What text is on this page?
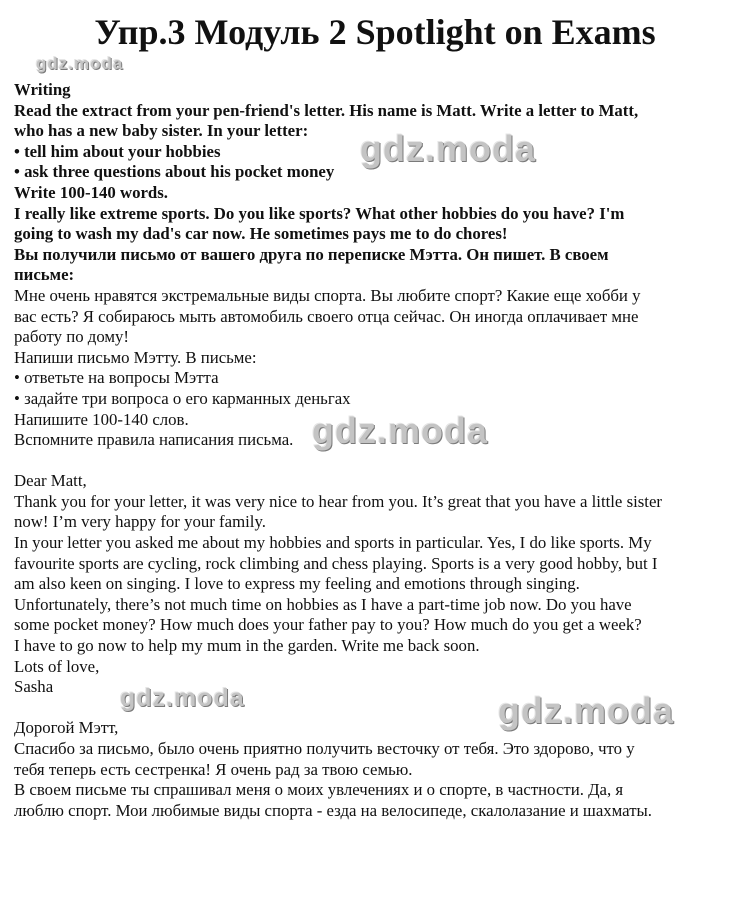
Упр.3 Модуль 2 Spotlight on Exams

Writing

Read the extract from your pen-friend's letter. His name is Matt. Write a letter to Matt,

who has a new baby sister. In your letter:

• tell him about your hobbies

• ask three questions about his pocket money

Write 100-140 words.

I really like extreme sports. Do you like sports? What other hobbies do you have? I'm

going to wash my dad's car now. He sometimes pays me to do chores!

Вы получили письмо от вашего друга по переписке Мэтта. Он пишет. В своем

письме:

Мне очень нравятся экстремальные виды спорта. Вы любите спорт? Какие еще хобби у

вас есть? Я собираюсь мыть автомобиль своего отца сейчас. Он иногда оплачивает мне

работу по дому!

Напиши письмо Мэтту. В письме:

• ответьте на вопросы Мэтта

• задайте три вопроса о его карманных деньгах

Напишите 100-140 слов.

Вспомните правила написания письма.

Dear Matt,

Thank you for your letter, it was very nice to hear from you. It’s great that you have a little sister

now! I’m very happy for your family.

In your letter you asked me about my hobbies and sports in particular. Yes, I do like sports. My

favourite sports are cycling, rock climbing and chess playing. Sports is a very good hobby, but I

am also keen on singing. I love to express my feeling and emotions through singing.

Unfortunately, there’s not much time on hobbies as I have a part-time job now. Do you have

some pocket money? How much does your father pay to you? How much do you get a week?

I have to go now to help my mum in the garden. Write me back soon.

Lots of love,

Sasha

Дорогой Мэтт,

Спасибо за письмо, было очень приятно получить весточку от тебя. Это здорово, что у

тебя теперь есть сестренка! Я очень рад за твою семью.

В своем письме ты спрашивал меня о моих увлечениях и о спорте, в частности. Да, я

люблю спорт. Мои любимые виды спорта - езда на велосипеде, скалолазание и шахматы.

gdz.moda
gdz.moda
gdz.moda
gdz.moda	gdz.moda
